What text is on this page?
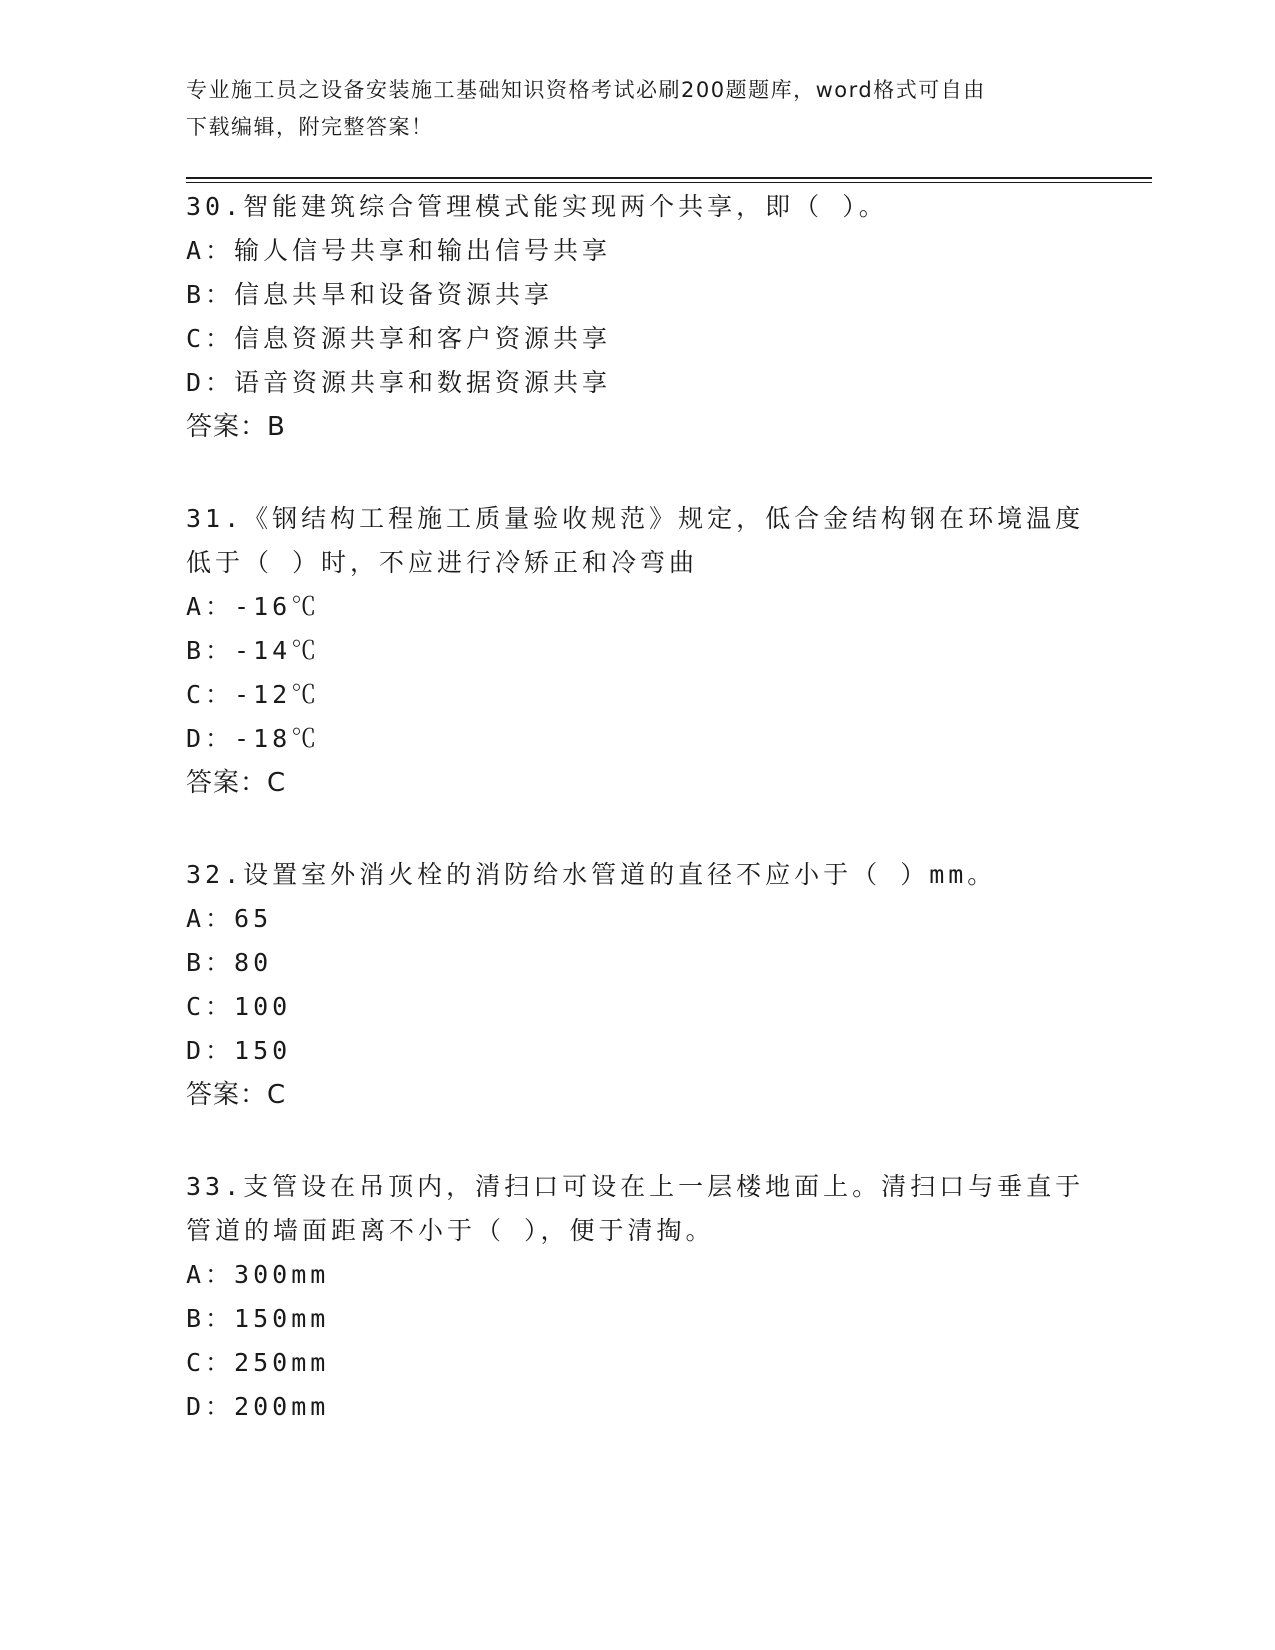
专业施工员之设备安装施工基础知识资格考试必刷200题题库，word格式可自由
下载编辑，附完整答案！
30.智能建筑综合管理模式能实现两个共享，即（ ）。
A：输人信号共享和输出信号共享
B：信息共旱和设备资源共享
C：信息资源共享和客户资源共享
D：语音资源共享和数据资源共享
答案：B
31.《钢结构工程施工质量验收规范》规定，低合金结构钢在环境温度
低于（ ）时，不应进行冷矫正和冷弯曲
A：-16℃
B：-14℃
C：-12℃
D：-18℃
答案：C
32.设置室外消火栓的消防给水管道的直径不应小于（ ）mm。
A：65
B：80
C：100
D：150
答案：C
33.支管设在吊顶内，清扫口可设在上一层楼地面上。清扫口与垂直于
管道的墙面距离不小于（ ），便于清掏。
A：300mm
B：150mm
C：250mm
D：200mm
